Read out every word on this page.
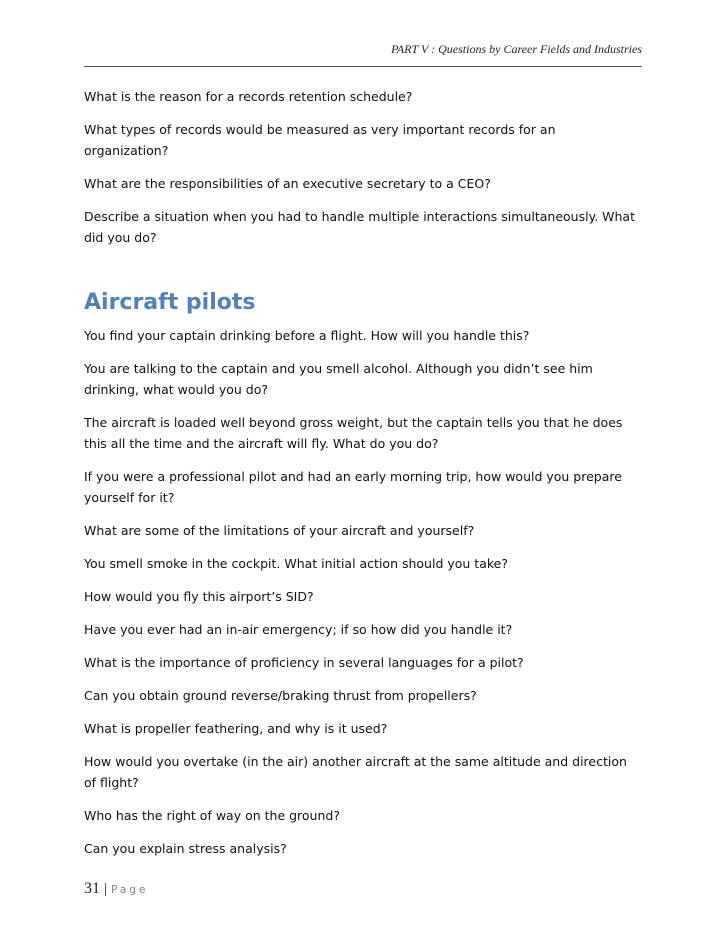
PART V : Questions by Career Fields and Industries

What is the reason for a records retention schedule?

What types of records would be measured as very important records for an organization?

What are the responsibilities of an executive secretary to a CEO?

Describe a situation when you had to handle multiple interactions simultaneously. What did you do?

Aircraft pilots

You find your captain drinking before a flight. How will you handle this?

You are talking to the captain and you smell alcohol. Although you didn’t see him drinking, what would you do?

The aircraft is loaded well beyond gross weight, but the captain tells you that he does this all the time and the aircraft will fly. What do you do?

If you were a professional pilot and had an early morning trip, how would you prepare yourself for it?

What are some of the limitations of your aircraft and yourself?

You smell smoke in the cockpit. What initial action should you take?

How would you fly this airport’s SID?

Have you ever had an in-air emergency; if so how did you handle it?

What is the importance of proficiency in several languages for a pilot?

Can you obtain ground reverse/braking thrust from propellers?

What is propeller feathering, and why is it used?

How would you overtake (in the air) another aircraft at the same altitude and direction of flight?

Who has the right of way on the ground?

Can you explain stress analysis?

31 | Page
